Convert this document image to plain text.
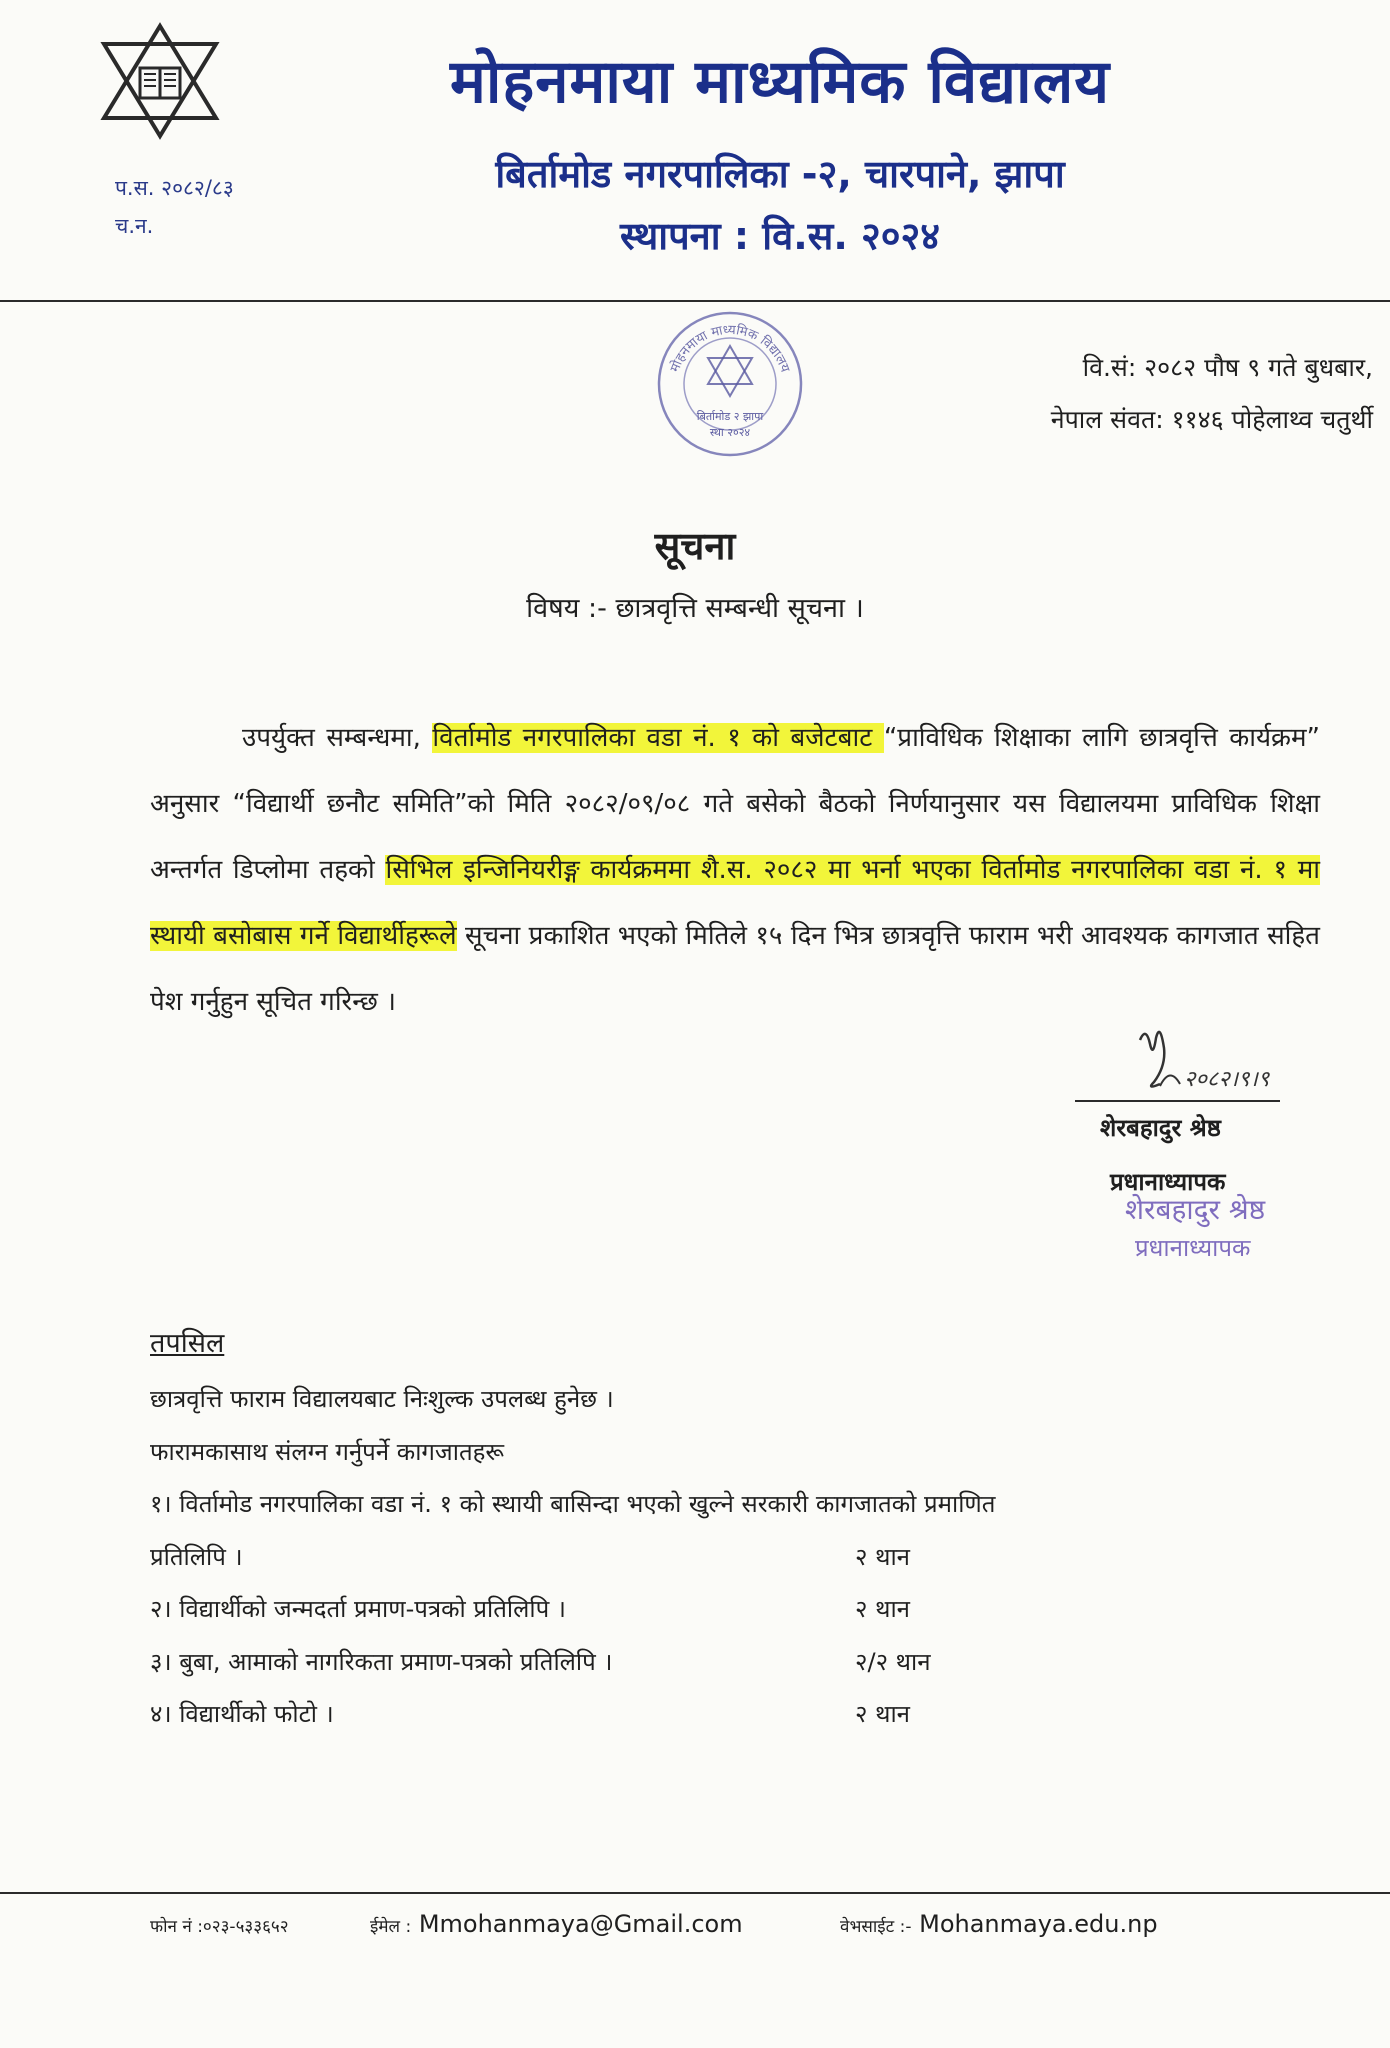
मोहनमाया माध्यमिक विद्यालय
बिर्तामोड नगरपालिका -२, चारपाने, झापा
स्थापना : वि.स. २०२४
प.स. २०८२/८३
च.न.
मोहनमाया माध्यमिक विद्यालय
बिर्तामोड २ झापा
स्था २०२४
वि.सं: २०८२ पौष ९ गते बुधबार,
नेपाल संवत: ११४६ पोहेलाथ्व चतुर्थी
सूचना
विषय :- छात्रवृत्ति सम्बन्धी सूचना ।
उपर्युक्त सम्बन्धमा, विर्तामोड नगरपालिका वडा नं. १ को बजेटबाट “प्राविधिक शिक्षाका लागि छात्रवृत्ति कार्यक्रम” अनुसार “विद्यार्थी छनौट समिति”को मिति २०८२/०९/०८ गते बसेको बैठको निर्णयानुसार यस विद्यालयमा प्राविधिक शिक्षा अन्तर्गत डिप्लोमा तहको सिभिल इन्जिनियरीङ्ग कार्यक्रममा शै.स. २०८२ मा भर्ना भएका विर्तामोड नगरपालिका वडा नं. १ मा स्थायी बसोबास गर्ने विद्यार्थीहरूले सूचना प्रकाशित भएको मितिले १५ दिन भित्र छात्रवृत्ति फाराम भरी आवश्यक कागजात सहित पेश गर्नुहुन सूचित गरिन्छ ।
२०८२।९।९
शेरबहादुर श्रेष्ठ
प्रधानाध्यापक
शेरबहादुर श्रेष्ठ
प्रधानाध्यापक
तपसिल
छात्रवृत्ति फाराम विद्यालयबाट निःशुल्क उपलब्ध हुनेछ ।
फारामकासाथ संलग्न गर्नुपर्ने कागजातहरू
१। विर्तामोड नगरपालिका वडा नं. १ को स्थायी बासिन्दा भएको खुल्ने सरकारी कागजातको प्रमाणित
प्रतिलिपि ।	२ थान
२। विद्यार्थीको जन्मदर्ता प्रमाण-पत्रको प्रतिलिपि ।	२ थान
३। बुबा, आमाको नागरिकता प्रमाण-पत्रको प्रतिलिपि ।	२/२ थान
४। विद्यार्थीको फोटो ।	२ थान
फोन नं :०२३-५३३६५२	ईमेल : Mmohanmaya@Gmail.com	वेभसाईट :- Mohanmaya.edu.np
